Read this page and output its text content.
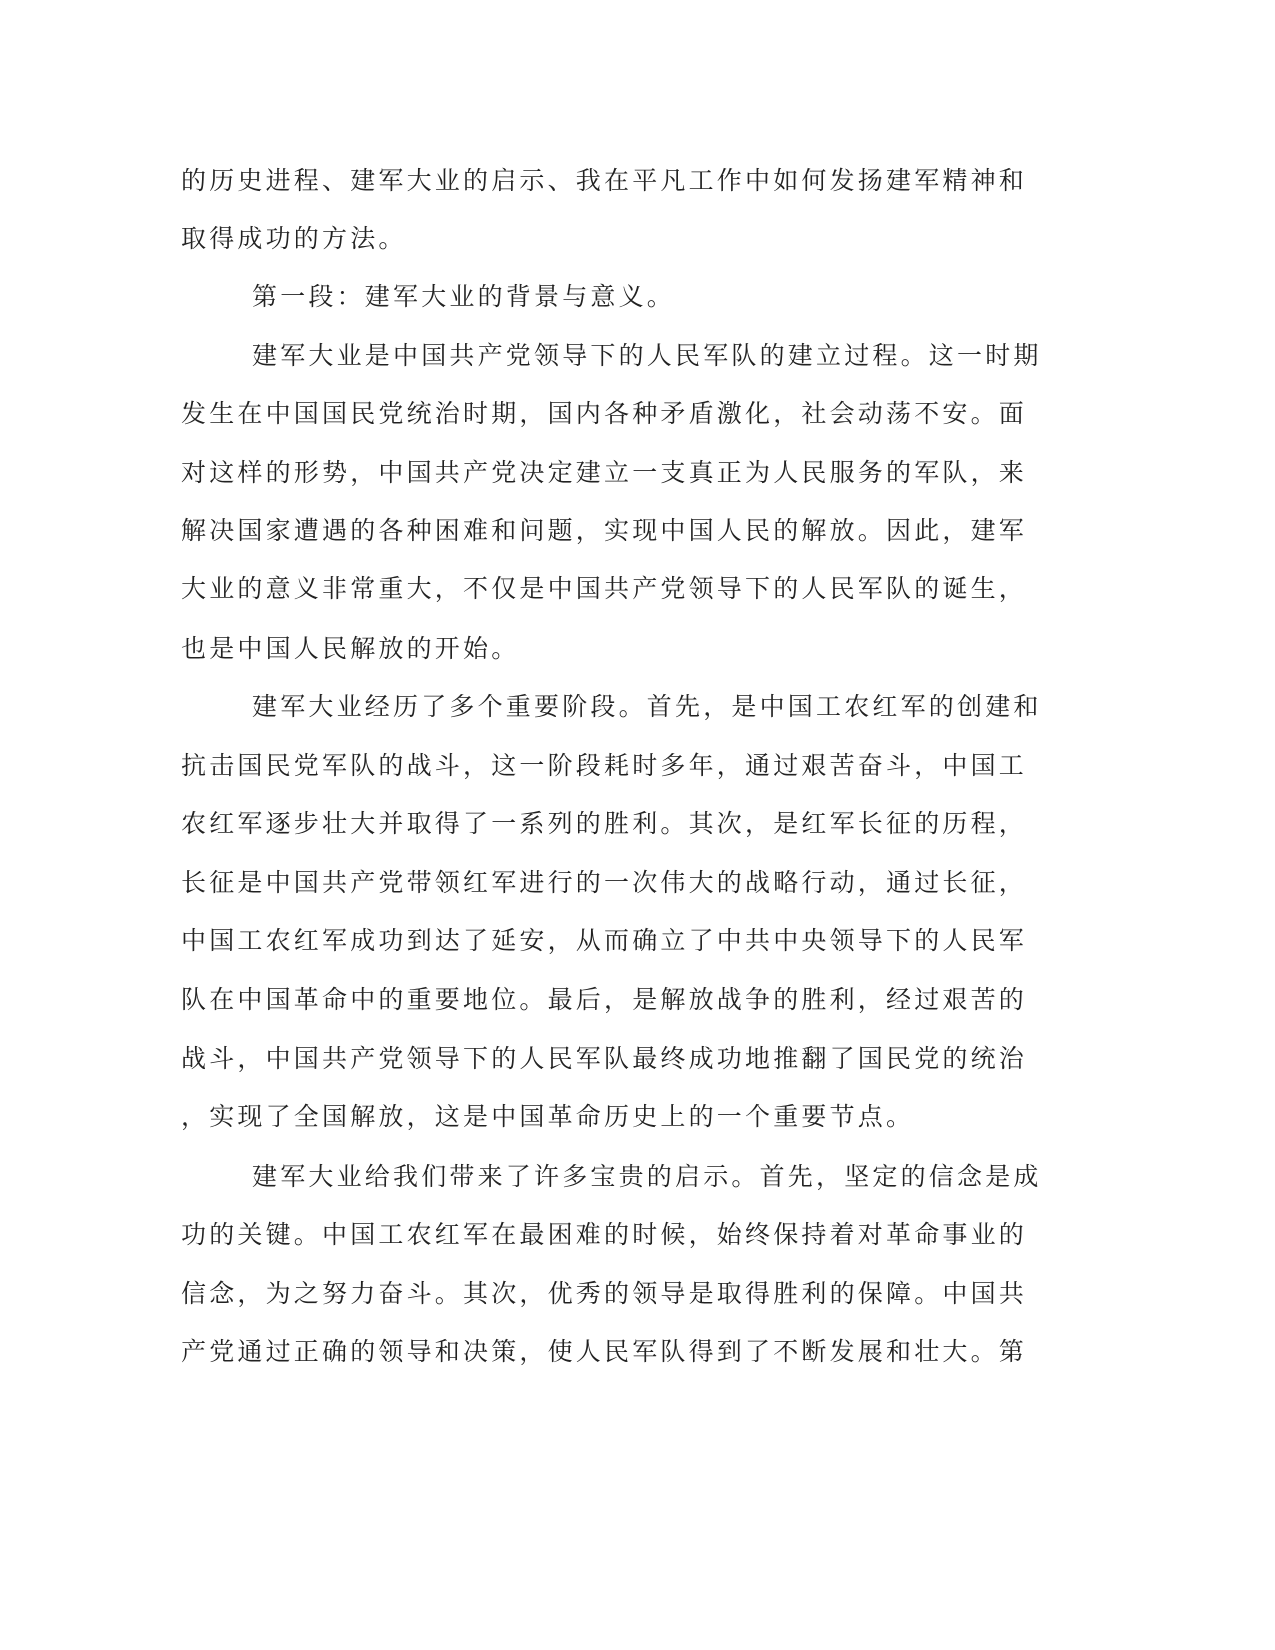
的历史进程、建军大业的启示、我在平凡工作中如何发扬建军精神和
取得成功的方法。
第一段：建军大业的背景与意义。
建军大业是中国共产党领导下的人民军队的建立过程。这一时期
发生在中国国民党统治时期，国内各种矛盾激化，社会动荡不安。面
对这样的形势，中国共产党决定建立一支真正为人民服务的军队，来
解决国家遭遇的各种困难和问题，实现中国人民的解放。因此，建军
大业的意义非常重大，不仅是中国共产党领导下的人民军队的诞生，
也是中国人民解放的开始。
建军大业经历了多个重要阶段。首先，是中国工农红军的创建和
抗击国民党军队的战斗，这一阶段耗时多年，通过艰苦奋斗，中国工
农红军逐步壮大并取得了一系列的胜利。其次，是红军长征的历程，
长征是中国共产党带领红军进行的一次伟大的战略行动，通过长征，
中国工农红军成功到达了延安，从而确立了中共中央领导下的人民军
队在中国革命中的重要地位。最后，是解放战争的胜利，经过艰苦的
战斗，中国共产党领导下的人民军队最终成功地推翻了国民党的统治
，实现了全国解放，这是中国革命历史上的一个重要节点。
建军大业给我们带来了许多宝贵的启示。首先，坚定的信念是成
功的关键。中国工农红军在最困难的时候，始终保持着对革命事业的
信念，为之努力奋斗。其次，优秀的领导是取得胜利的保障。中国共
产党通过正确的领导和决策，使人民军队得到了不断发展和壮大。第
